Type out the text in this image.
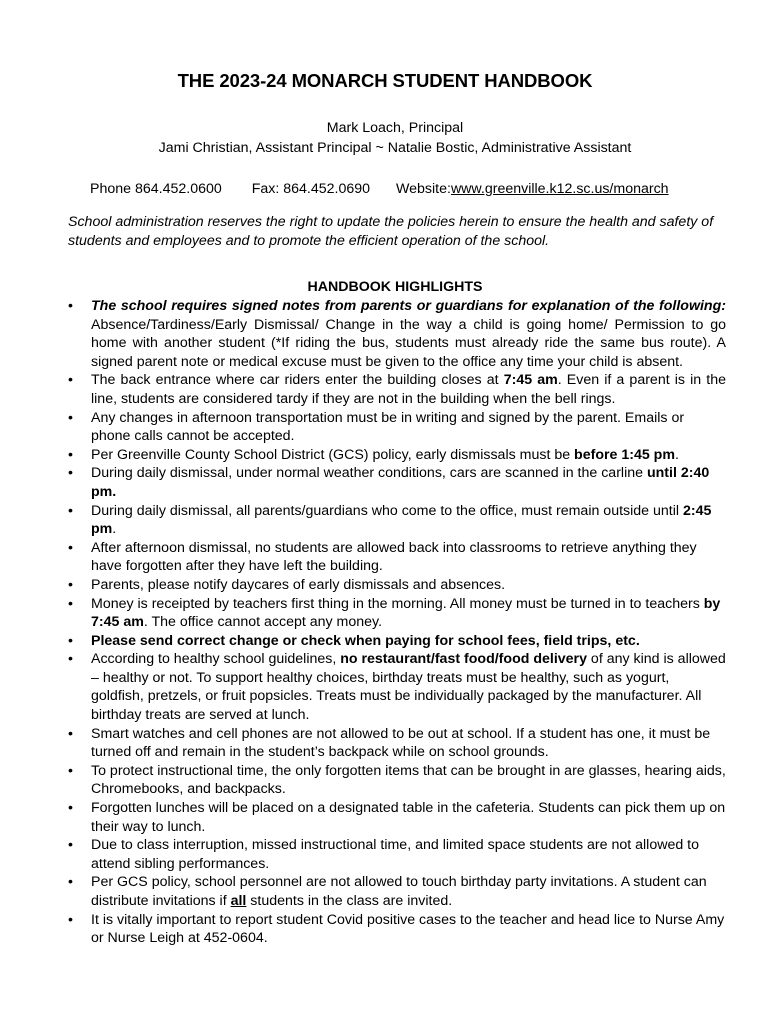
THE 2023-24 MONARCH STUDENT HANDBOOK
Mark Loach, Principal
Jami Christian, Assistant Principal ~ Natalie Bostic, Administrative Assistant
Phone 864.452.0600 Fax: 864.452.0690 Website:www.greenville.k12.sc.us/monarch
School administration reserves the right to update the policies herein to ensure the health and safety of students and employees and to promote the efficient operation of the school.
HANDBOOK HIGHLIGHTS
• The school requires signed notes from parents or guardians for explanation of the following: Absence/Tardiness/Early Dismissal/ Change in the way a child is going home/ Permission to go home with another student (*If riding the bus, students must already ride the same bus route). A signed parent note or medical excuse must be given to the office any time your child is absent.
• The back entrance where car riders enter the building closes at 7:45 am. Even if a parent is in the line, students are considered tardy if they are not in the building when the bell rings.
• Any changes in afternoon transportation must be in writing and signed by the parent. Emails or phone calls cannot be accepted.
• Per Greenville County School District (GCS) policy, early dismissals must be before 1:45 pm.
• During daily dismissal, under normal weather conditions, cars are scanned in the carline until 2:40 pm.
• During daily dismissal, all parents/guardians who come to the office, must remain outside until 2:45 pm.
• After afternoon dismissal, no students are allowed back into classrooms to retrieve anything they have forgotten after they have left the building.
• Parents, please notify daycares of early dismissals and absences.
• Money is receipted by teachers first thing in the morning. All money must be turned in to teachers by 7:45 am. The office cannot accept any money.
• Please send correct change or check when paying for school fees, field trips, etc.
• According to healthy school guidelines, no restaurant/fast food/food delivery of any kind is allowed – healthy or not. To support healthy choices, birthday treats must be healthy, such as yogurt, goldfish, pretzels, or fruit popsicles. Treats must be individually packaged by the manufacturer. All birthday treats are served at lunch.
• Smart watches and cell phones are not allowed to be out at school. If a student has one, it must be turned off and remain in the student’s backpack while on school grounds.
• To protect instructional time, the only forgotten items that can be brought in are glasses, hearing aids, Chromebooks, and backpacks.
• Forgotten lunches will be placed on a designated table in the cafeteria. Students can pick them up on their way to lunch.
• Due to class interruption, missed instructional time, and limited space students are not allowed to attend sibling performances.
• Per GCS policy, school personnel are not allowed to touch birthday party invitations. A student can distribute invitations if all students in the class are invited.
• It is vitally important to report student Covid positive cases to the teacher and head lice to Nurse Amy or Nurse Leigh at 452-0604.
